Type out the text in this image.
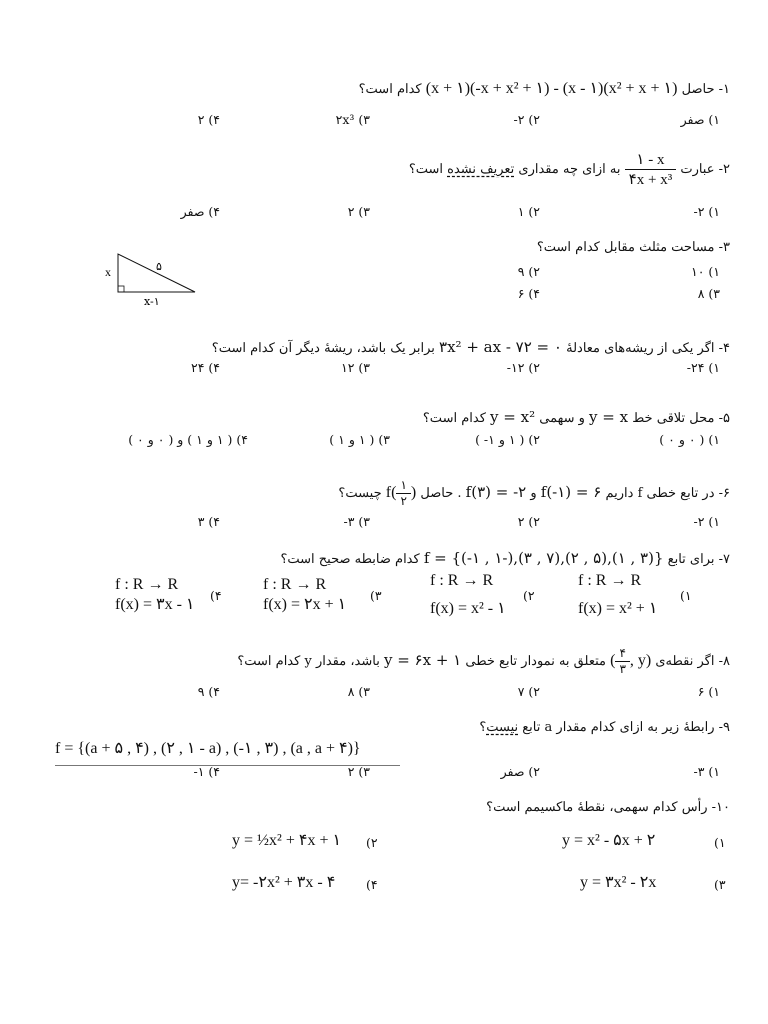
۱- حاصل (x + ۱)(-x + x² + ۱) - (x - ۱)(x² + x + ۱) کدام است؟
۱) صفر
۲) ۲-
۳) ۲x³
۴) ۲
۲- عبارت
$\frac{۱ - x}{\text{۴x + x³}}$
به ازای چه مقداری تعریف نشده است؟
۱) ۲-
۲) ۱
۳) ۲
۴) صفر
۳- مساحت مثلث مقابل کدام است؟
۱) ۱۰
۲) ۹
۳) ۸
۴) ۶
x	۵
x-۱
۴- اگر یکی از ریشه‌های معادلهٔ ۳x² + ax - ۷۲ = ۰ برابر یک باشد، ریشهٔ دیگر آن کدام است؟
۱) ۲۴-
۲) ۱۲-
۳) ۱۲
۴) ۲۴
۵- محل تلاقی خط y = x و سهمی y = x² کدام است؟
۱) ( ۰ و ۰ )
۲) ( ۱ و ۱- )
۳) ( ۱ و ۱ )
۴) ( ۱ و ۱ ) و ( ۰ و ۰ )
۶- در تابع خطی f داریم f(-۱) = ۶ و f(۳) = -۲ . حاصل $f( \frac{۱}{۲}$ ) چیست؟
۱) ۲-
۲) ۲
۳) ۳-
۴) ۳
۷- برای تابع f = {(-۱ , ۱-),(۳ , ۷),(۲ , ۵),(۱ , ۳)} کدام ضابطه صحیح است؟
۱)
f : R → R
f(x) = x² + ۱
۲)
f : R → R
f(x) = x² - ۱
۳)
f : R → R
f(x) = ۲x + ۱
۴)
f : R → R
f(x) = ۳x - ۱
۸- اگر نقطه‌ی ( $\frac{۴}{۳}$ , y) متعلق به نمودار تابع خطی y = ۶x + ۱ باشد، مقدار y کدام است؟
۱) ۶
۲) ۷
۳) ۸
۴) ۹
۹- رابطهٔ زیر به ازای کدام مقدار a تابع نیست؟
f = {(a + ۵ , ۴) , (۲ , ۱ - a) , (-۱ , ۳) , (a , a + ۴)}
۱) ۳-
۲) صفر
۳) ۲
۴) ۱-
۱۰- رأس کدام سهمی، نقطهٔ ماکسیمم است؟
۱)
y = x² - ۵x + ۲
۲)
y = ½x² + ۴x + ۱
۳)
y = ۳x² - ۲x
۴)
y= -۲x² + ۳x - ۴
